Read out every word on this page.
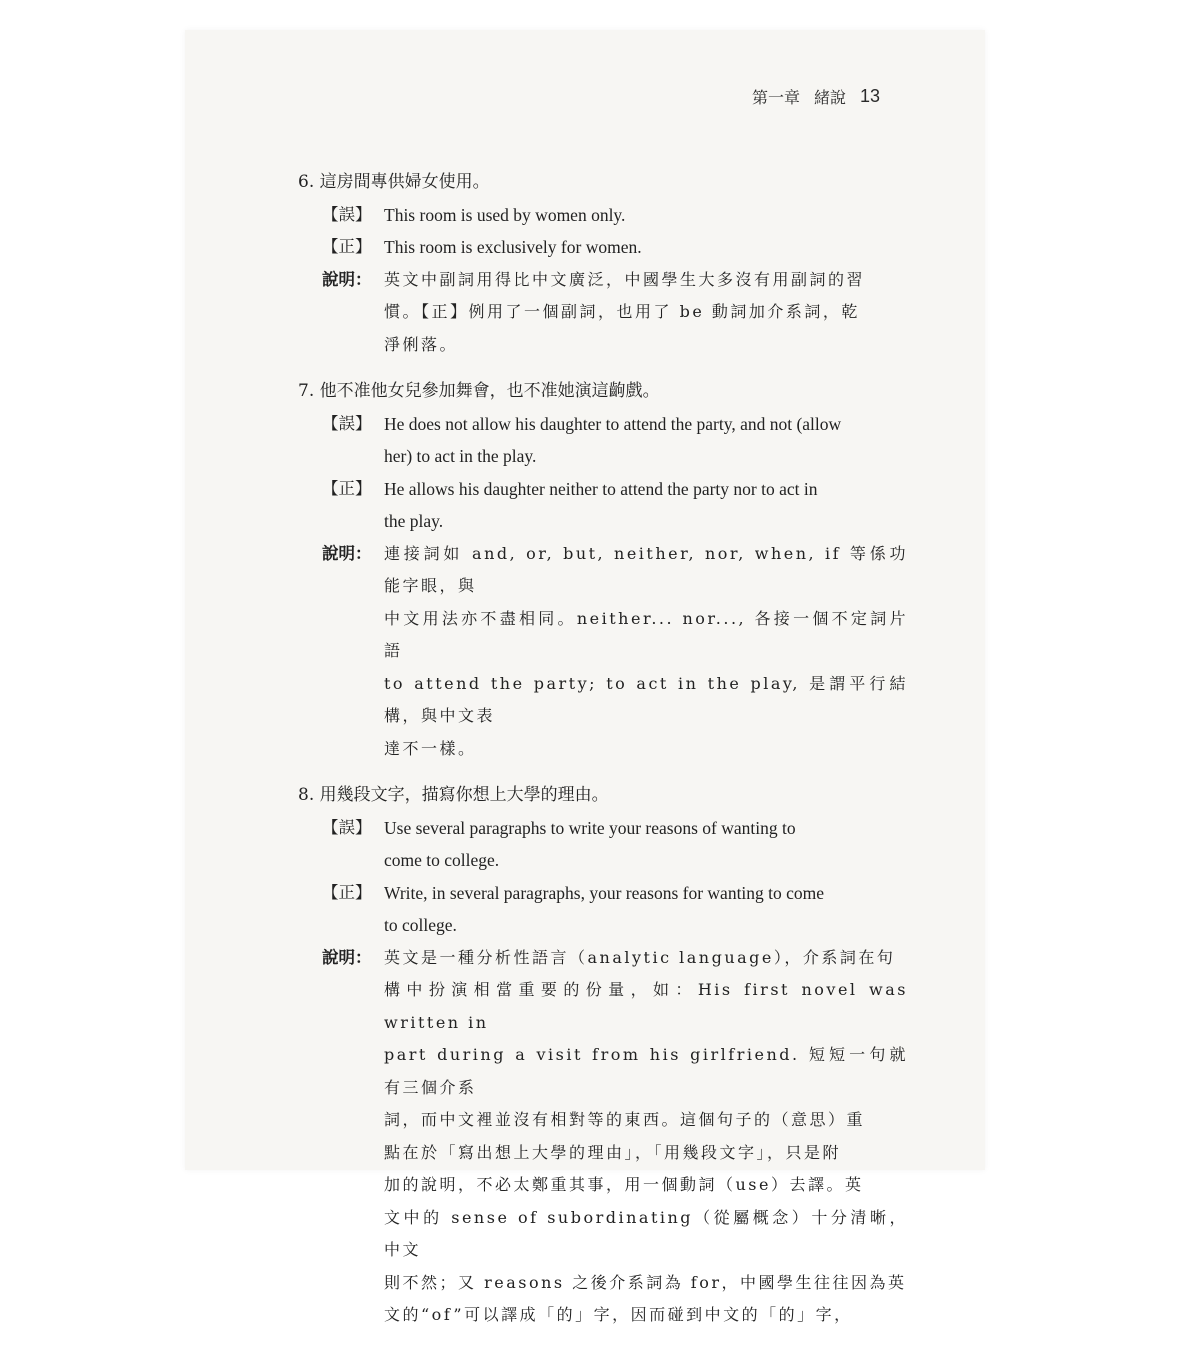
第一章 緒說 13
6. 這房間專供婦女使用。
【誤】 This room is used by women only.
【正】 This room is exclusively for women.
說明： 英文中副詞用得比中文廣泛，中國學生大多沒有用副詞的習
慣。【正】例用了一個副詞，也用了 be 動詞加介系詞，乾
淨俐落。
7. 他不准他女兒參加舞會，也不准她演這齣戲。
【誤】 He does not allow his daughter to attend the party, and not (allow
her) to act in the play.
【正】 He allows his daughter neither to attend the party nor to act in
the play.
說明： 連接詞如 and, or, but, neither, nor, when, if 等係功能字眼，與
中文用法亦不盡相同。neither... nor..., 各接一個不定詞片語
to attend the party; to act in the play, 是謂平行結構，與中文表
達不一樣。
8. 用幾段文字，描寫你想上大學的理由。
【誤】 Use several paragraphs to write your reasons of wanting to
come to college.
【正】 Write, in several paragraphs, your reasons for wanting to come
to college.
說明： 英文是一種分析性語言（analytic language），介系詞在句
構中扮演相當重要的份量，如：His first novel was written in
part during a visit from his girlfriend. 短短一句就有三個介系
詞，而中文裡並沒有相對等的東西。這個句子的（意思）重
點在於「寫出想上大學的理由」，「用幾段文字」，只是附
加的說明，不必太鄭重其事，用一個動詞（use）去譯。英
文中的 sense of subordinating（從屬概念）十分清晰，中文
則不然；又 reasons 之後介系詞為 for，中國學生往往因為英
文的“of”可以譯成「的」字，因而碰到中文的「的」字，
